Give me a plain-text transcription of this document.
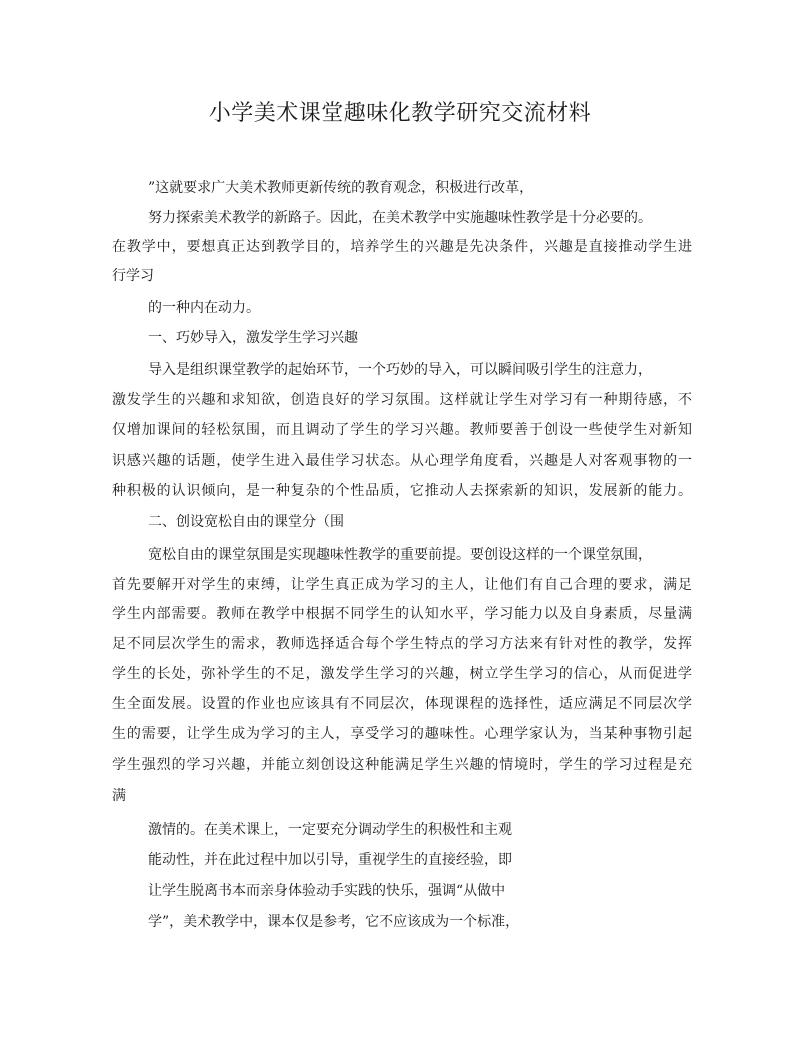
小学美术课堂趣味化教学研究交流材料
”这就要求广大美术教师更新传统的教育观念，积极进行改革，
努力探索美术教学的新路子。因此，在美术教学中实施趣味性教学是十分必要的。
在教学中，要想真正达到教学目的，培养学生的兴趣是先决条件，兴趣是直接推动学生进
行学习
的一种内在动力。
一、巧妙导入，激发学生学习兴趣
导入是组织课堂教学的起始环节，一个巧妙的导入，可以瞬间吸引学生的注意力，
激发学生的兴趣和求知欲，创造良好的学习氛围。这样就让学生对学习有一种期待感，不
仅增加课间的轻松氛围，而且调动了学生的学习兴趣。教师要善于创设一些使学生对新知
识感兴趣的话题，使学生进入最佳学习状态。从心理学角度看，兴趣是人对客观事物的一
种积极的认识倾向，是一种复杂的个性品质，它推动人去探索新的知识，发展新的能力。
二、创设宽松自由的课堂分（围
宽松自由的课堂氛围是实现趣味性教学的重要前提。要创设这样的一个课堂氛围，
首先要解开对学生的束缚，让学生真正成为学习的主人，让他们有自己合理的要求，满足
学生内部需要。教师在教学中根据不同学生的认知水平，学习能力以及自身素质，尽量满
足不同层次学生的需求，教师选择适合每个学生特点的学习方法来有针对性的教学，发挥
学生的长处，弥补学生的不足，激发学生学习的兴趣，树立学生学习的信心，从而促进学
生全面发展。设置的作业也应该具有不同层次，体现课程的选择性，适应满足不同层次学
生的需要，让学生成为学习的主人，享受学习的趣味性。心理学家认为，当某种事物引起
学生强烈的学习兴趣，并能立刻创设这种能满足学生兴趣的情境时，学生的学习过程是充
满
激情的。在美术课上，一定要充分调动学生的积极性和主观
能动性，并在此过程中加以引导，重视学生的直接经验，即
让学生脱离书本而亲身体验动手实践的快乐，强调“从做中
学”，美术教学中，课本仅是参考，它不应该成为一个标准，
